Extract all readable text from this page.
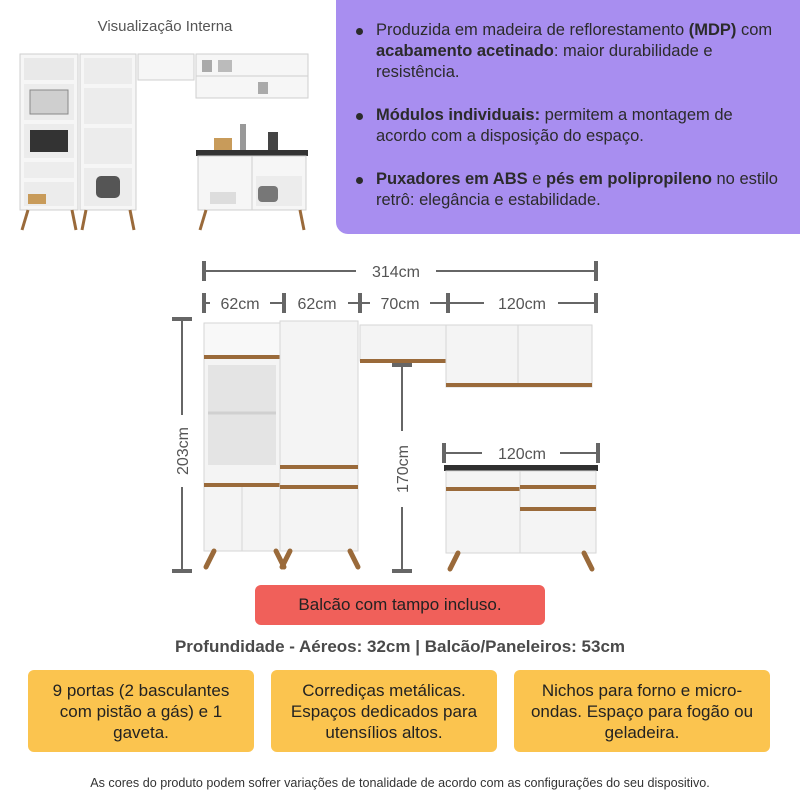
Visualização Interna	Produzida em madeira de reflorestamento (MDP) com acabamento acetinado: maior durabilidade e resistência.
Módulos individuais: permitem a montagem de acordo com a disposição do espaço.
Puxadores em ABS e pés em polipropileno no estilo retrô: elegância e estabilidade.
314cm
62cm 62cm	70cm	120cm
203cm	170cm	120cm
Balcão com tampo incluso.
Profundidade - Aéreos: 32cm | Balcão/Paneleiros: 53cm
9 portas (2 basculantes com pistão a gás) e 1 gaveta.
Corrediças metálicas. Espaços dedicados para utensílios altos.
Nichos para forno e micro-ondas. Espaço para fogão ou geladeira.
As cores do produto podem sofrer variações de tonalidade de acordo com as configurações do seu dispositivo.
